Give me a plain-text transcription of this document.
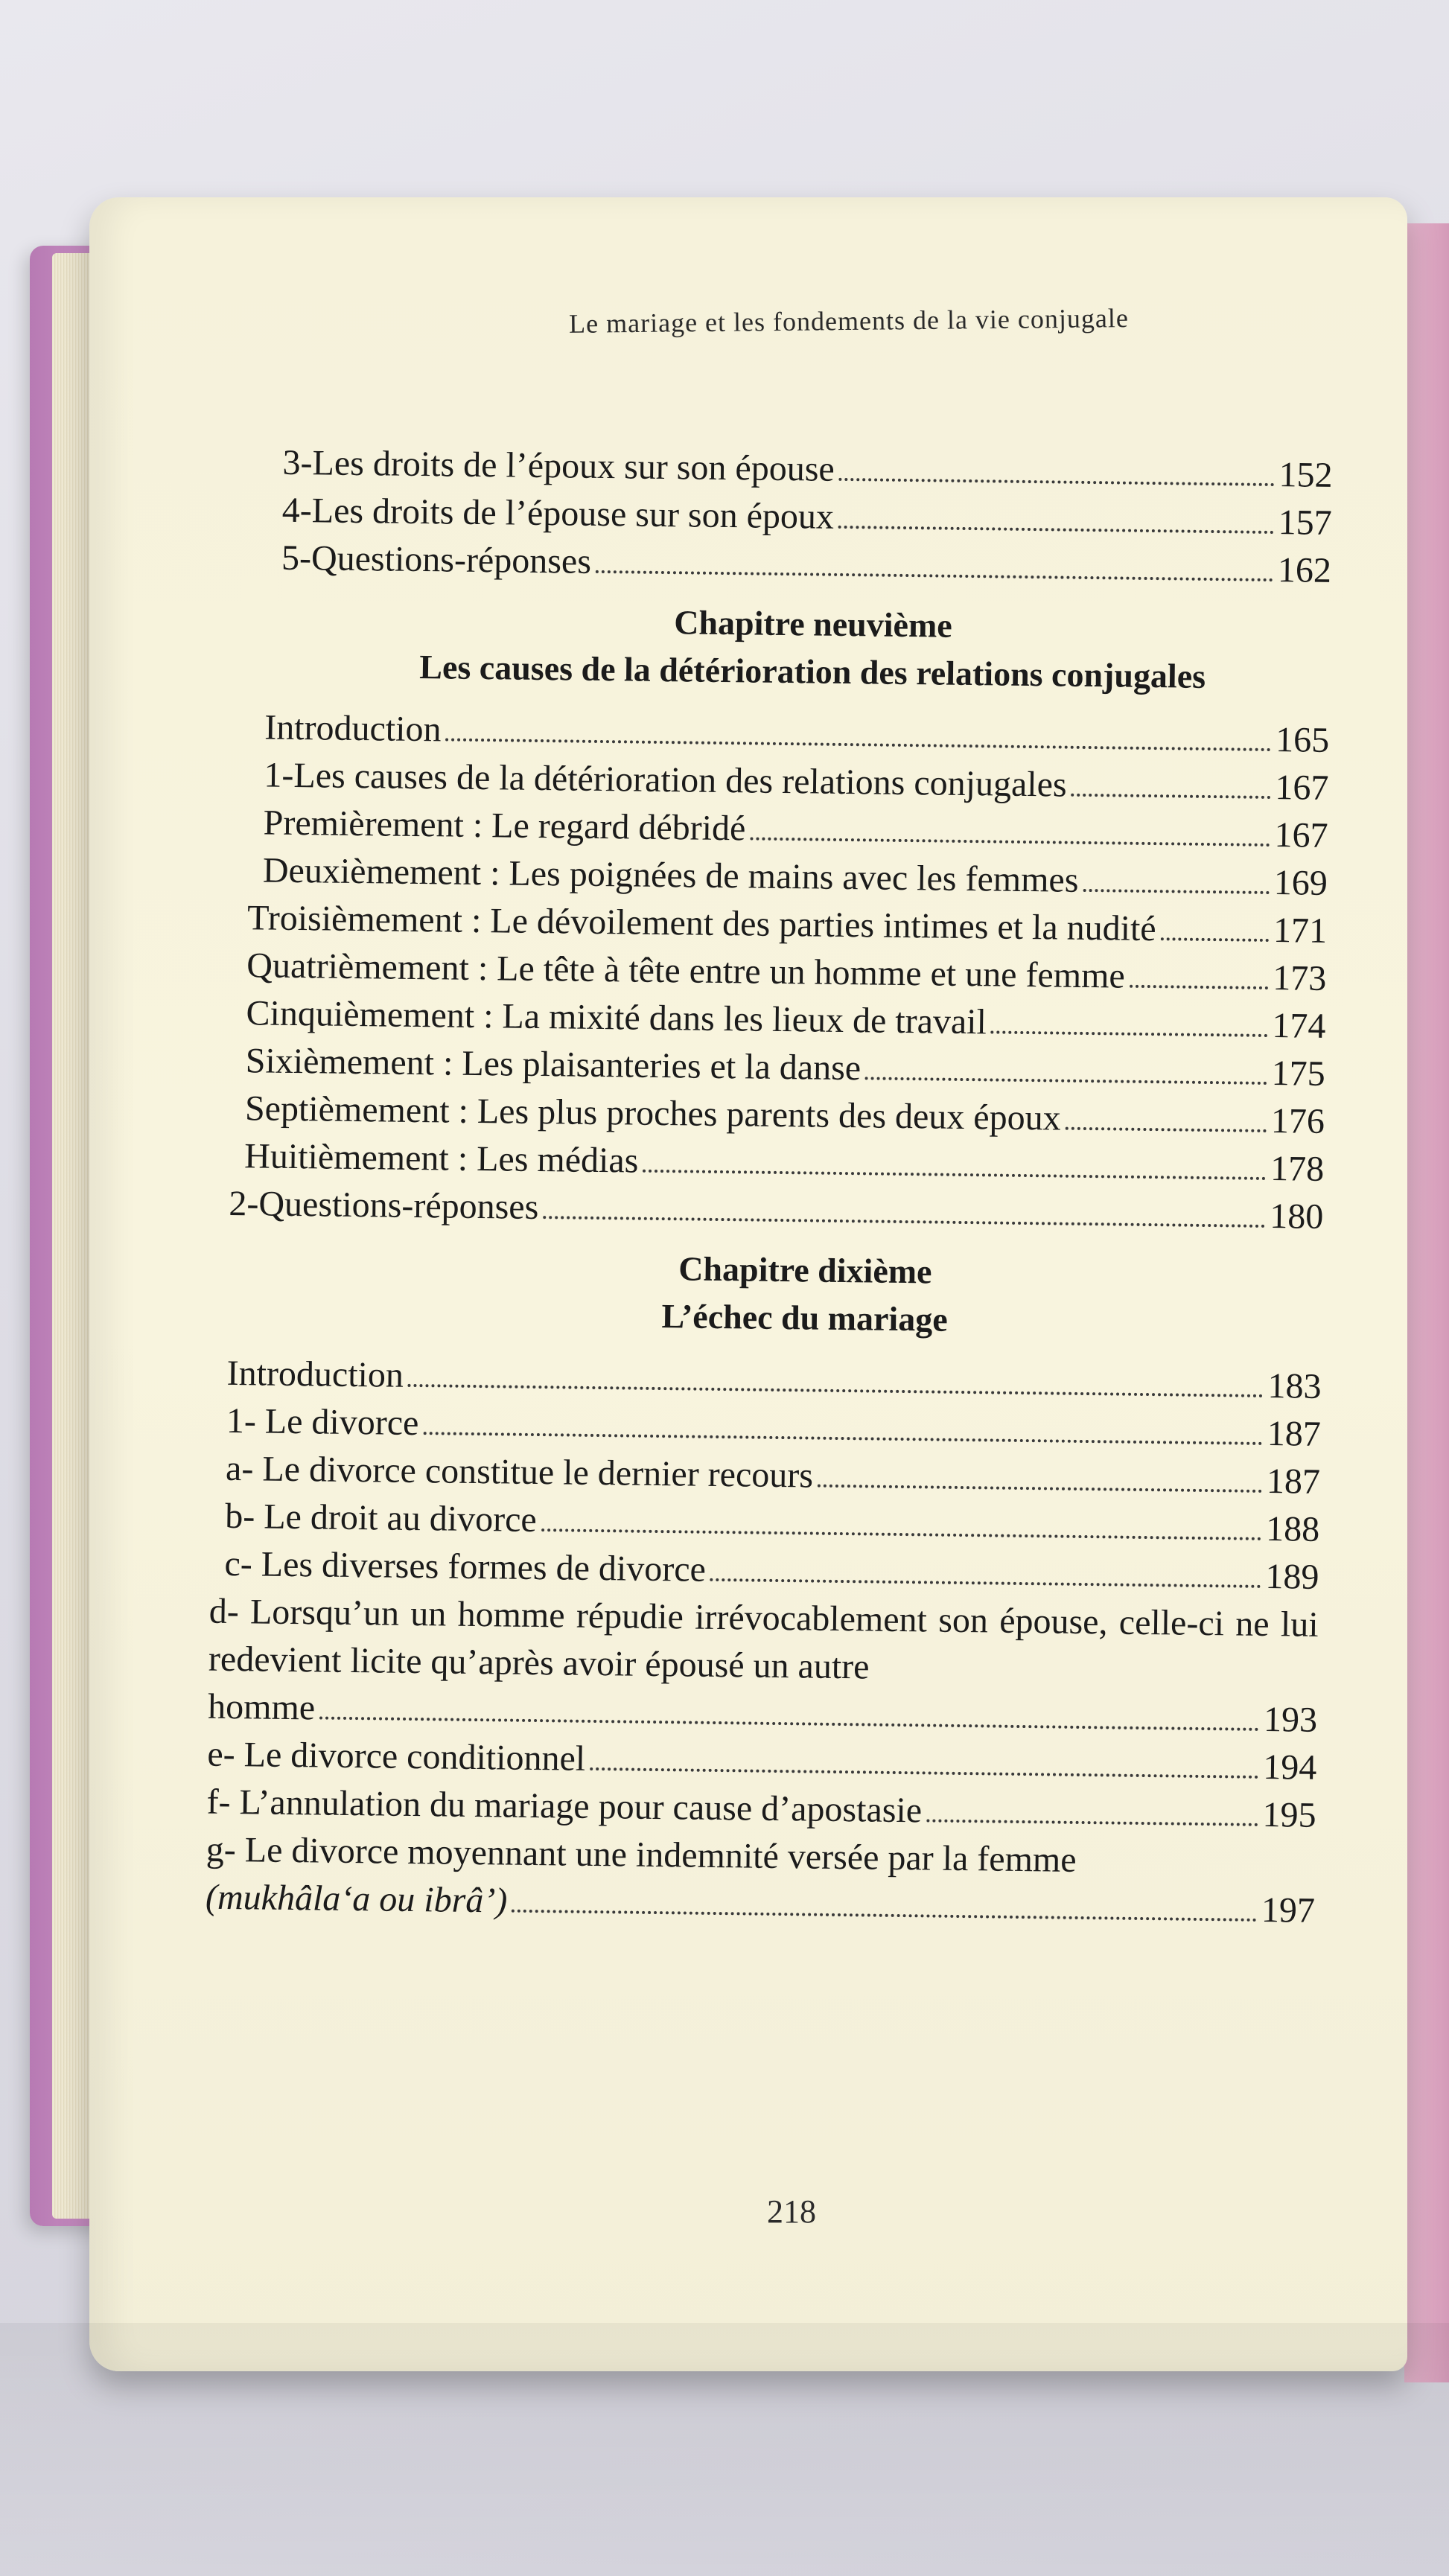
Le mariage et les fondements de la vie conjugale
3-Les droits de l’époux sur son épouse	152
4-Les droits de l’épouse sur son époux	157
5-Questions-réponses	162
Chapitre neuvième
Les causes de la détérioration des relations conjugales
Introduction	165
1-Les causes de la détérioration des relations conjugales	167
Premièrement : Le regard débridé	167
Deuxièmement : Les poignées de mains avec les femmes	169
Troisièmement : Le dévoilement des parties intimes et la nudité	171
Quatrièmement : Le tête à tête entre un homme et une femme	173
Cinquièmement : La mixité dans les lieux de travail	174
Sixièmement : Les plaisanteries et la danse	175
Septièmement : Les plus proches parents des deux époux	176
Huitièmement : Les médias	178
2-Questions-réponses	180
Chapitre dixième
L’échec du mariage
Introduction	183
1- Le divorce	187
a- Le divorce constitue le dernier recours	187
b- Le droit au divorce	188
c- Les diverses formes de divorce	189
d- Lorsqu’un un homme répudie irrévocablement son épouse, celle-ci ne lui redevient licite qu’après avoir épousé un autre
homme	193
e- Le divorce conditionnel	194
f- L’annulation du mariage pour cause d’apostasie	195
g- Le divorce moyennant une indemnité versée par la femme
(mukhâla‘a ou ibrâ’)	197
218
